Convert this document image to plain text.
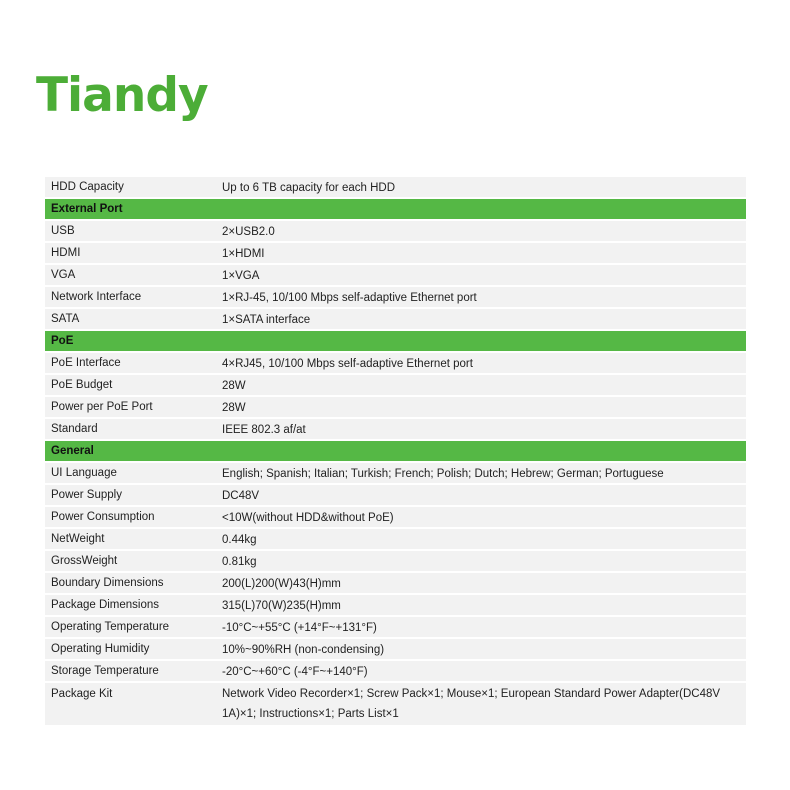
Tiandy
HDD Capacity	Up to 6 TB capacity for each HDD
External Port
USB	2×USB2.0
HDMI	1×HDMI
VGA	1×VGA
Network Interface	1×RJ-45, 10/100 Mbps self-adaptive Ethernet port
SATA	1×SATA interface
PoE
PoE Interface	4×RJ45, 10/100 Mbps self-adaptive Ethernet port
PoE Budget	28W
Power per PoE Port	28W
Standard	IEEE 802.3 af/at
General
UI Language	English; Spanish; Italian; Turkish; French; Polish; Dutch; Hebrew; German; Portuguese
Power Supply	DC48V
Power Consumption	<10W(without HDD&without PoE)
NetWeight	0.44kg
GrossWeight	0.81kg
Boundary Dimensions	200(L)200(W)43(H)mm
Package Dimensions	315(L)70(W)235(H)mm
Operating Temperature	-10°C~+55°C (+14°F~+131°F)
Operating Humidity	10%~90%RH (non-condensing)
Storage Temperature	-20°C~+60°C (-4°F~+140°F)
Package Kit	Network Video Recorder×1; Screw Pack×1; Mouse×1; European Standard Power Adapter(DC48V 1A)×1; Instructions×1; Parts List×1
